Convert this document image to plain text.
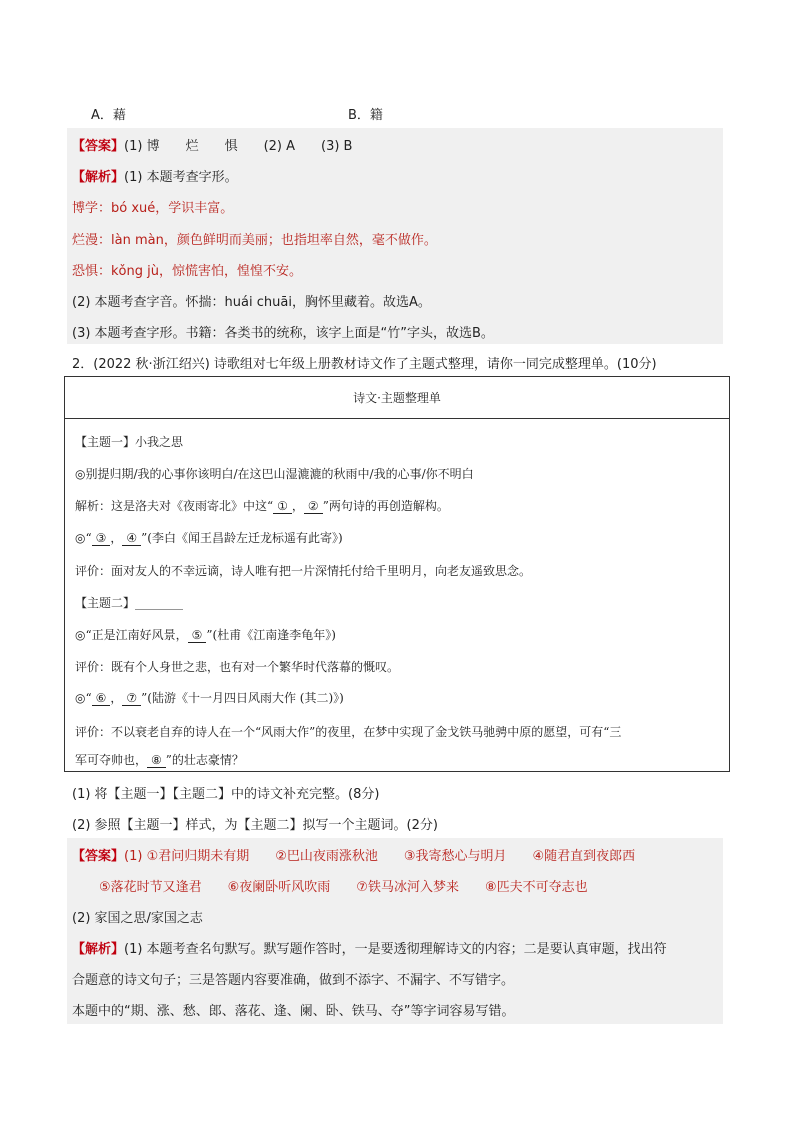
A．藉	B．籍
【答案】(1) 博　　烂　　惧　　(2) A　　(3) B
【解析】(1) 本题考查字形。
博学：bó xué，学识丰富。
烂漫：làn màn，颜色鲜明而美丽；也指坦率自然，毫不做作。
恐惧：kǒng jù，惊慌害怕，惶惶不安。
(2) 本题考查字音。怀揣：huái chuāi，胸怀里藏着。故选A。
(3) 本题考查字形。书籍：各类书的统称，该字上面是“竹”字头，故选B。
2．(2022 秋·浙江绍兴) 诗歌组对七年级上册教材诗文作了主题式整理，请你一同完成整理单。(10分)
诗文·主题整理单

【主题一】小我之思
◎别提归期/我的心事你该明白/在这巴山湿漉漉的秋雨中/我的心事/你不明白
解析：这是洛夫对《夜雨寄北》中这“ ① ， ② ”两句诗的再创造解构。
◎“ ③ ， ④ ”(李白《闻王昌龄左迁龙标遥有此寄》)
评价：面对友人的不幸远谪，诗人唯有把一片深情托付给千里明月，向老友遥致思念。
【主题二】________
◎“正是江南好风景， ⑤ ”(杜甫《江南逢李龟年》)
评价：既有个人身世之悲，也有对一个繁华时代落幕的慨叹。
◎“ ⑥ ， ⑦ ”(陆游《十一月四日风雨大作 (其二)》)
评价：不以衰老自弃的诗人在一个“风雨大作”的夜里，在梦中实现了金戈铁马驰骋中原的愿望，可有“三
军可夺帅也， ⑧ ”的壮志豪情？
(1) 将【主题一】【主题二】中的诗文补充完整。(8分)
(2) 参照【主题一】样式，为【主题二】拟写一个主题词。(2分)
【答案】(1) ①君问归期未有期　　②巴山夜雨涨秋池　　③我寄愁心与明月　　④随君直到夜郎西
⑤落花时节又逢君　　⑥夜阑卧听风吹雨　　⑦铁马冰河入梦来　　⑧匹夫不可夺志也
(2) 家国之思/家国之志
【解析】(1) 本题考查名句默写。默写题作答时，一是要透彻理解诗文的内容；二是要认真审题，找出符
合题意的诗文句子；三是答题内容要准确，做到不添字、不漏字、不写错字。
本题中的“期、涨、愁、郎、落花、逢、阑、卧、铁马、夺”等字词容易写错。
